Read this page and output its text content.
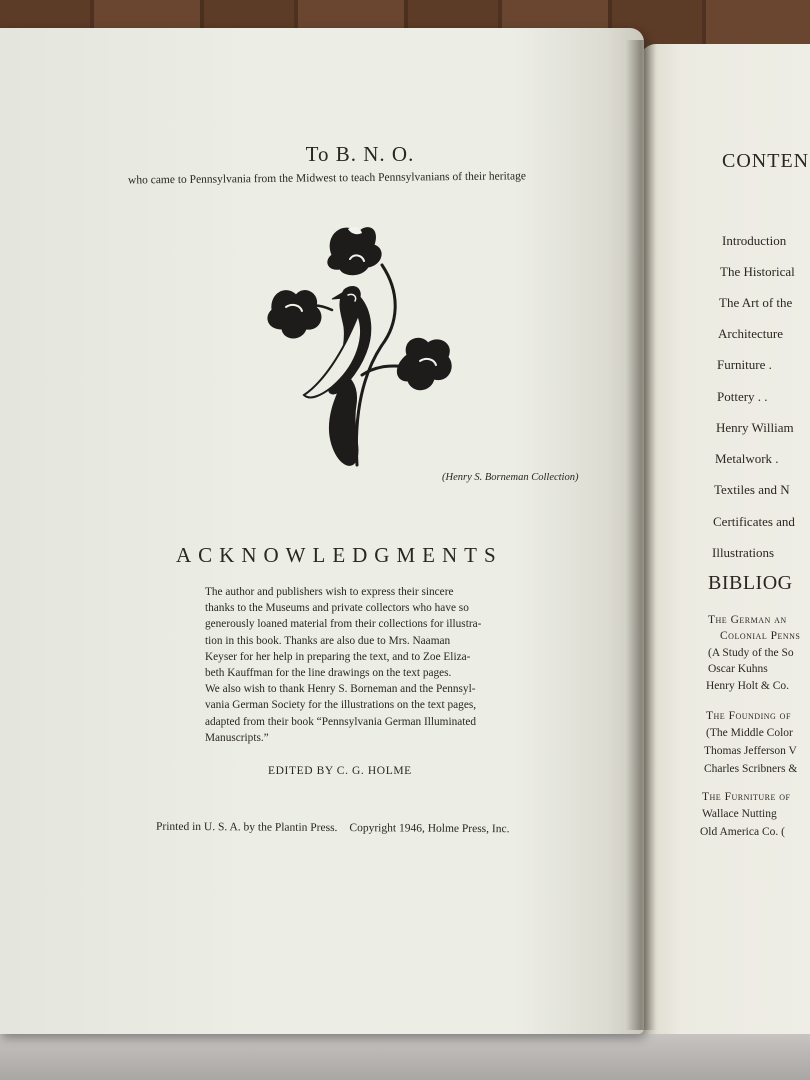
CONTEN
Introduction
The Historical
The Art of the
Architecture
Furniture .
Pottery . .
Henry William
Metalwork .
Textiles and N
Certificates and
Illustrations
BIBLIOG
The German an
Colonial Penns
(A Study of the So
Oscar Kuhns
Henry Holt & Co.
The Founding of
(The Middle Color
Thomas Jefferson V
Charles Scribners &
The Furniture of
Wallace Nutting
Old America Co. (
To B. N. O.
who came to Pennsylvania from the Midwest to teach Pennsylvanians of their heritage
(Henry S. Borneman Collection)
ACKNOWLEDGMENTS
The author and publishers wish to express their sincere
thanks to the Museums and private collectors who have so
generously loaned material from their collections for illustra-
tion in this book. Thanks are also due to Mrs. Naaman
Keyser for her help in preparing the text, and to Zoe Eliza-
beth Kauffman for the line drawings on the text pages.
We also wish to thank Henry S. Borneman and the Pennsyl-
vania German Society for the illustrations on the text pages,
adapted from their book “Pennsylvania German Illuminated
Manuscripts.”
EDITED BY C. G. HOLME
Printed in U. S. A. by the Plantin Press. Copyright 1946, Holme Press, Inc.
